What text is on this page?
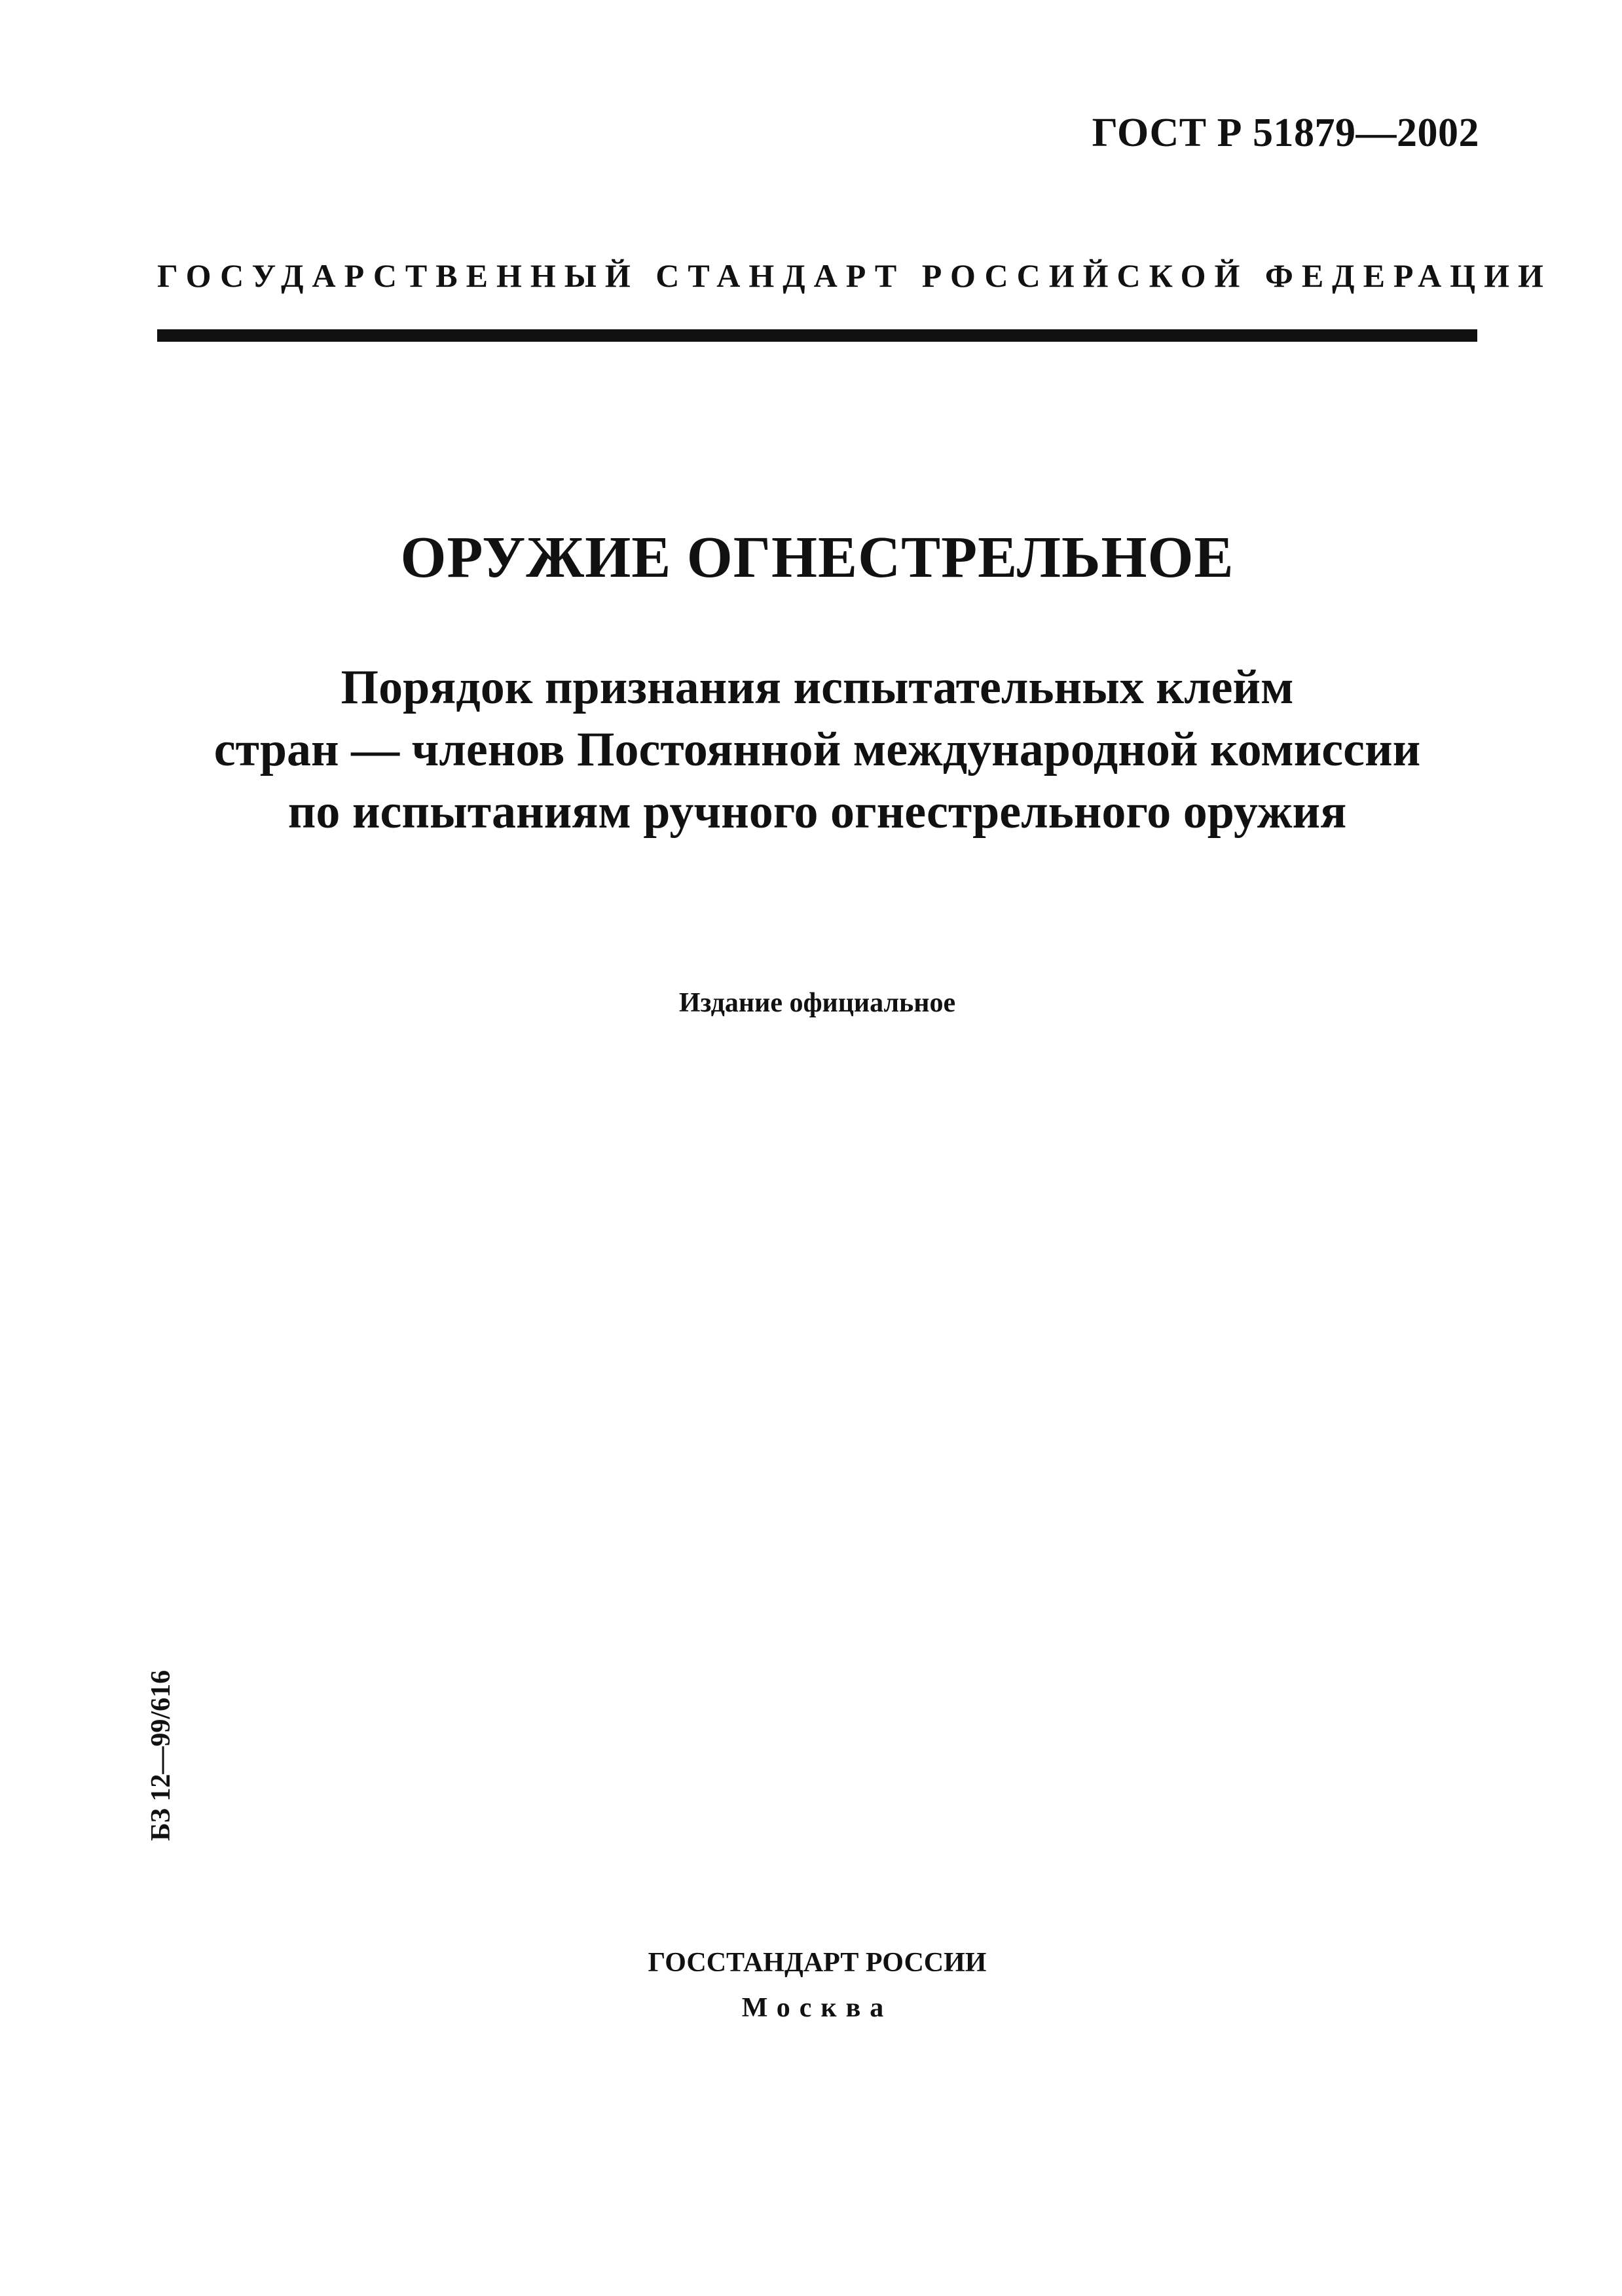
ГОСТ Р 51879—2002
ГОСУДАРСТВЕННЫЙ СТАНДАРТ РОССИЙСКОЙ ФЕДЕРАЦИИ
ОРУЖИЕ ОГНЕСТРЕЛЬНОЕ
Порядок признания испытательных клейм
стран — членов Постоянной международной комиссии
по испытаниям ручного огнестрельного оружия
Издание официальное
БЗ 12—99/616
ГОССТАНДАРТ РОССИИ
Москва
